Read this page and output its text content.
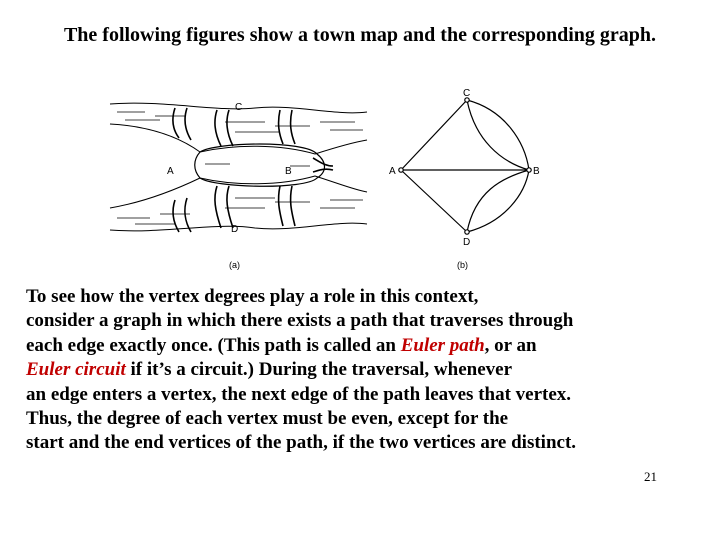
The following figures show a town map and the corresponding graph.
C
A	B
D
(a)
C
A	B
D
(b)
To see how the vertex degrees play a role in this context,
consider a graph in which there exists a path that traverses through
each edge exactly once. (This path is called an Euler path, or an
Euler circuit if it’s a circuit.) During the traversal, whenever
an edge enters a vertex, the next edge of the path leaves that vertex.
Thus, the degree of each vertex must be even, except for the
start and the end vertices of the path, if the two vertices are distinct.
21
